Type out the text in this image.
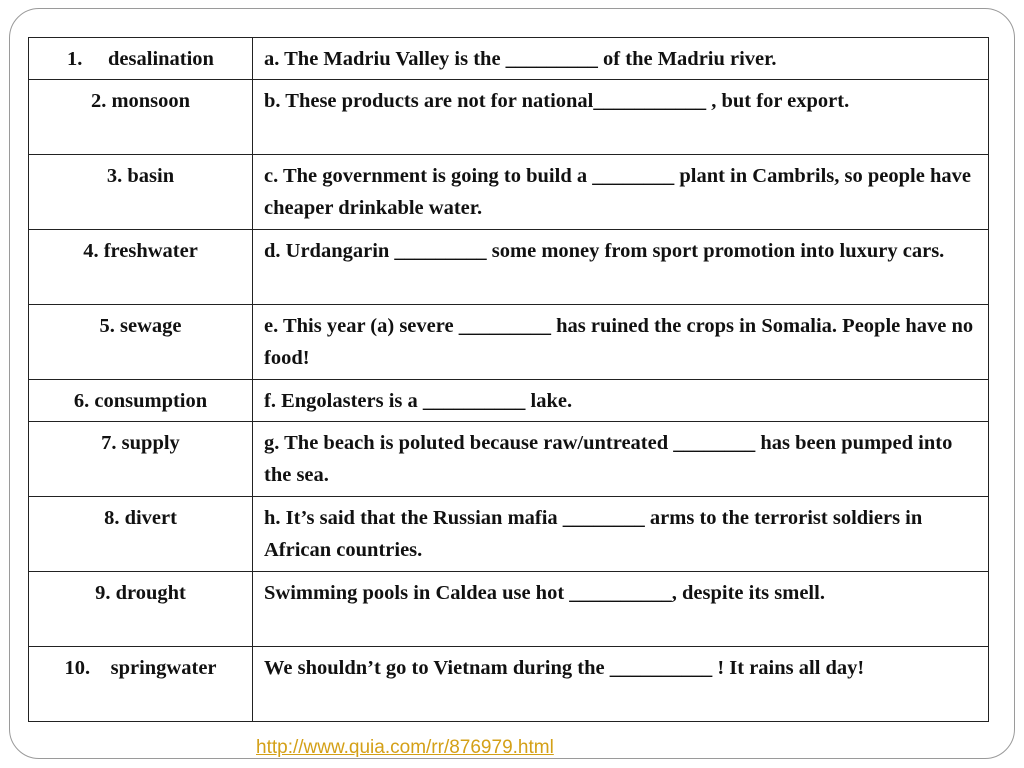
1.     desalination	a. The Madriu Valley is the _________ of the Madriu river.
2. monsoon	b. These products are not for national___________ , but for export.
3. basin	c. The government is going to build a ________ plant in Cambrils, so people have cheaper drinkable water.
4. freshwater	d. Urdangarin _________ some money from sport promotion into luxury cars.
5. sewage	e. This year (a) severe _________ has ruined the crops in Somalia. People have no food!
6. consumption	f. Engolasters is a __________ lake.
7. supply	g. The beach is poluted because raw/untreated ________ has been pumped into the sea.
8. divert	h. It’s said that the Russian mafia ________ arms to the terrorist soldiers in African countries.
9. drought	Swimming pools in Caldea use hot __________, despite its smell.
10.    springwater	We shouldn’t go to Vietnam during the __________ ! It rains all day!
http://www.quia.com/rr/876979.html
